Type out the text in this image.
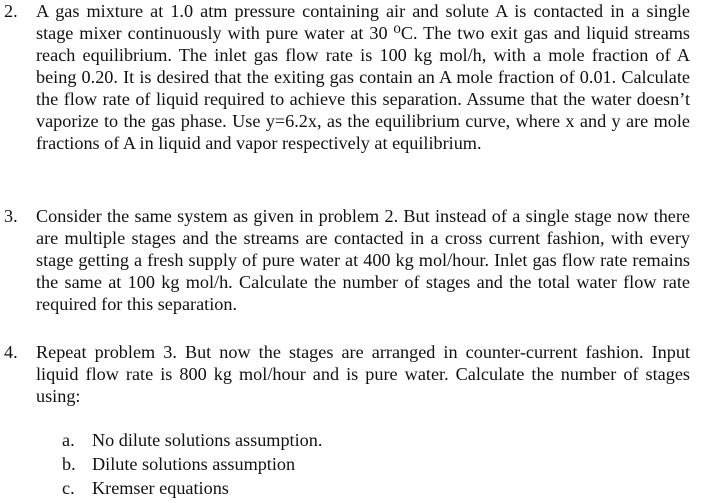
2. A gas mixture at 1.0 atm pressure containing air and solute A is contacted in a single stage mixer continuously with pure water at 30 ⁰C. The two exit gas and liquid streams reach equilibrium. The inlet gas flow rate is 100 kg mol/h, with a mole fraction of A being 0.20. It is desired that the exiting gas contain an A mole fraction of 0.01. Calculate the flow rate of liquid required to achieve this separation. Assume that the water doesn’t vaporize to the gas phase. Use y=6.2x, as the equilibrium curve, where x and y are mole fractions of A in liquid and vapor respectively at equilibrium.
3. Consider the same system as given in problem 2. But instead of a single stage now there are multiple stages and the streams are contacted in a cross current fashion, with every stage getting a fresh supply of pure water at 400 kg mol/hour. Inlet gas flow rate remains the same at 100 kg mol/h. Calculate the number of stages and the total water flow rate required for this separation.
4. Repeat problem 3. But now the stages are arranged in counter-current fashion. Input liquid flow rate is 800 kg mol/hour and is pure water. Calculate the number of stages using:
a. No dilute solutions assumption.
b. Dilute solutions assumption
c. Kremser equations
